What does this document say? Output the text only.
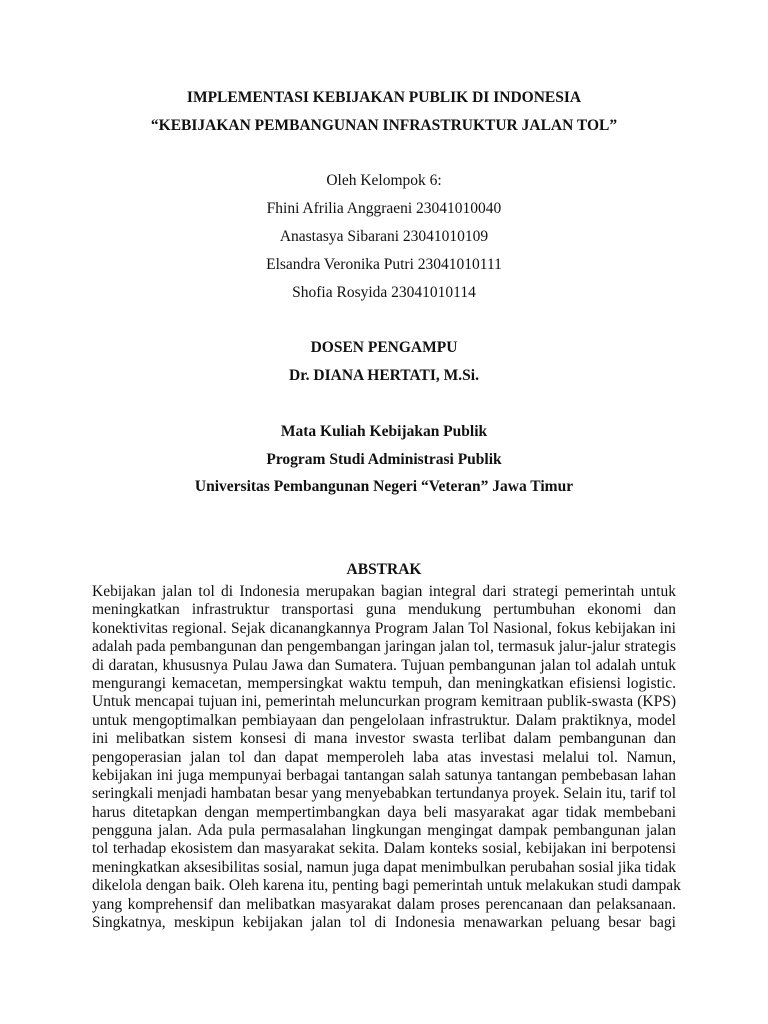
IMPLEMENTASI KEBIJAKAN PUBLIK DI INDONESIA
“KEBIJAKAN PEMBANGUNAN INFRASTRUKTUR JALAN TOL”
Oleh Kelompok 6:
Fhini Afrilia Anggraeni 23041010040
Anastasya Sibarani 23041010109
Elsandra Veronika Putri 23041010111
Shofia Rosyida 23041010114
DOSEN PENGAMPU
Dr. DIANA HERTATI, M.Si.
Mata Kuliah Kebijakan Publik
Program Studi Administrasi Publik
Universitas Pembangunan Negeri “Veteran” Jawa Timur
ABSTRAK
Kebijakan jalan tol di Indonesia merupakan bagian integral dari strategi pemerintah untuk
meningkatkan infrastruktur transportasi guna mendukung pertumbuhan ekonomi dan
konektivitas regional. Sejak dicanangkannya Program Jalan Tol Nasional, fokus kebijakan ini
adalah pada pembangunan dan pengembangan jaringan jalan tol, termasuk jalur-jalur strategis
di daratan, khususnya Pulau Jawa dan Sumatera. Tujuan pembangunan jalan tol adalah untuk
mengurangi kemacetan, mempersingkat waktu tempuh, dan meningkatkan efisiensi logistic.
Untuk mencapai tujuan ini, pemerintah meluncurkan program kemitraan publik-swasta (KPS)
untuk mengoptimalkan pembiayaan dan pengelolaan infrastruktur. Dalam praktiknya, model
ini melibatkan sistem konsesi di mana investor swasta terlibat dalam pembangunan dan
pengoperasian jalan tol dan dapat memperoleh laba atas investasi melalui tol. Namun,
kebijakan ini juga mempunyai berbagai tantangan salah satunya tantangan pembebasan lahan
seringkali menjadi hambatan besar yang menyebabkan tertundanya proyek. Selain itu, tarif tol
harus ditetapkan dengan mempertimbangkan daya beli masyarakat agar tidak membebani
pengguna jalan. Ada pula permasalahan lingkungan mengingat dampak pembangunan jalan
tol terhadap ekosistem dan masyarakat sekita. Dalam konteks sosial, kebijakan ini berpotensi
meningkatkan aksesibilitas sosial, namun juga dapat menimbulkan perubahan sosial jika tidak
dikelola dengan baik. Oleh karena itu, penting bagi pemerintah untuk melakukan studi dampak
yang komprehensif dan melibatkan masyarakat dalam proses perencanaan dan pelaksanaan.
Singkatnya, meskipun kebijakan jalan tol di Indonesia menawarkan peluang besar bagi
